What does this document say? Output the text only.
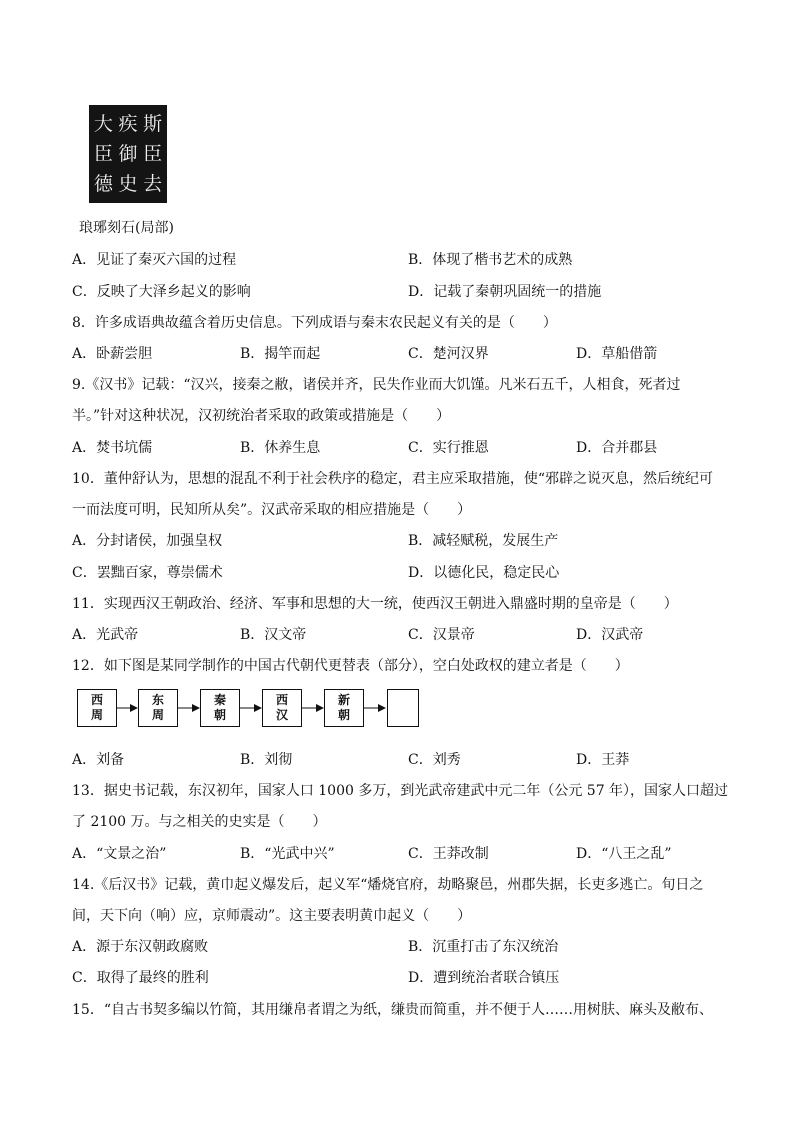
斯
臣
去
疾
御
史
大
臣
德
琅琊刻石(局部)
A．见证了秦灭六国的过程	B．体现了楷书艺术的成熟
C．反映了大泽乡起义的影响	D．记载了秦朝巩固统一的措施
8．许多成语典故蕴含着历史信息。下列成语与秦末农民起义有关的是（　　）
A．卧薪尝胆	B．揭竿而起	C．楚河汉界	D．草船借箭
9.《汉书》记载：“汉兴，接秦之敝，诸侯并齐，民失作业而大饥馑。凡米石五千，人相食，死者过
半。”针对这种状况，汉初统治者采取的政策或措施是（　　）
A．焚书坑儒	B．休养生息	C．实行推恩	D．合并郡县
10．董仲舒认为，思想的混乱不利于社会秩序的稳定，君主应采取措施，使“邪辟之说灭息，然后统纪可
一而法度可明，民知所从矣”。汉武帝采取的相应措施是（　　）
A．分封诸侯，加强皇权	B．减轻赋税，发展生产
C．罢黜百家，尊崇儒术	D．以德化民，稳定民心
11．实现西汉王朝政治、经济、军事和思想的大一统，使西汉王朝进入鼎盛时期的皇帝是（　　）
A．光武帝	B．汉文帝	C．汉景帝	D．汉武帝
12．如下图是某同学制作的中国古代朝代更替表（部分），空白处政权的建立者是（　　）
西
周
东
周
秦
朝
西
汉
新
朝
A．刘备	B．刘彻	C．刘秀	D．王莽
13．据史书记载，东汉初年，国家人口 1000 多万，到光武帝建武中元二年（公元 57 年），国家人口超过
了 2100 万。与之相关的史实是（　　）
A．“文景之治”	B．“光武中兴”	C．王莽改制	D．“八王之乱”
14.《后汉书》记载，黄巾起义爆发后，起义军“燔烧官府，劫略聚邑，州郡失据，长吏多逃亡。旬日之
间，天下向（响）应，京师震动”。这主要表明黄巾起义（　　）
A．源于东汉朝政腐败	B．沉重打击了东汉统治
C．取得了最终的胜利	D．遭到统治者联合镇压
15．“自古书契多编以竹简，其用缣帛者谓之为纸，缣贵而简重，并不便于人……用树肤、麻头及敝布、
